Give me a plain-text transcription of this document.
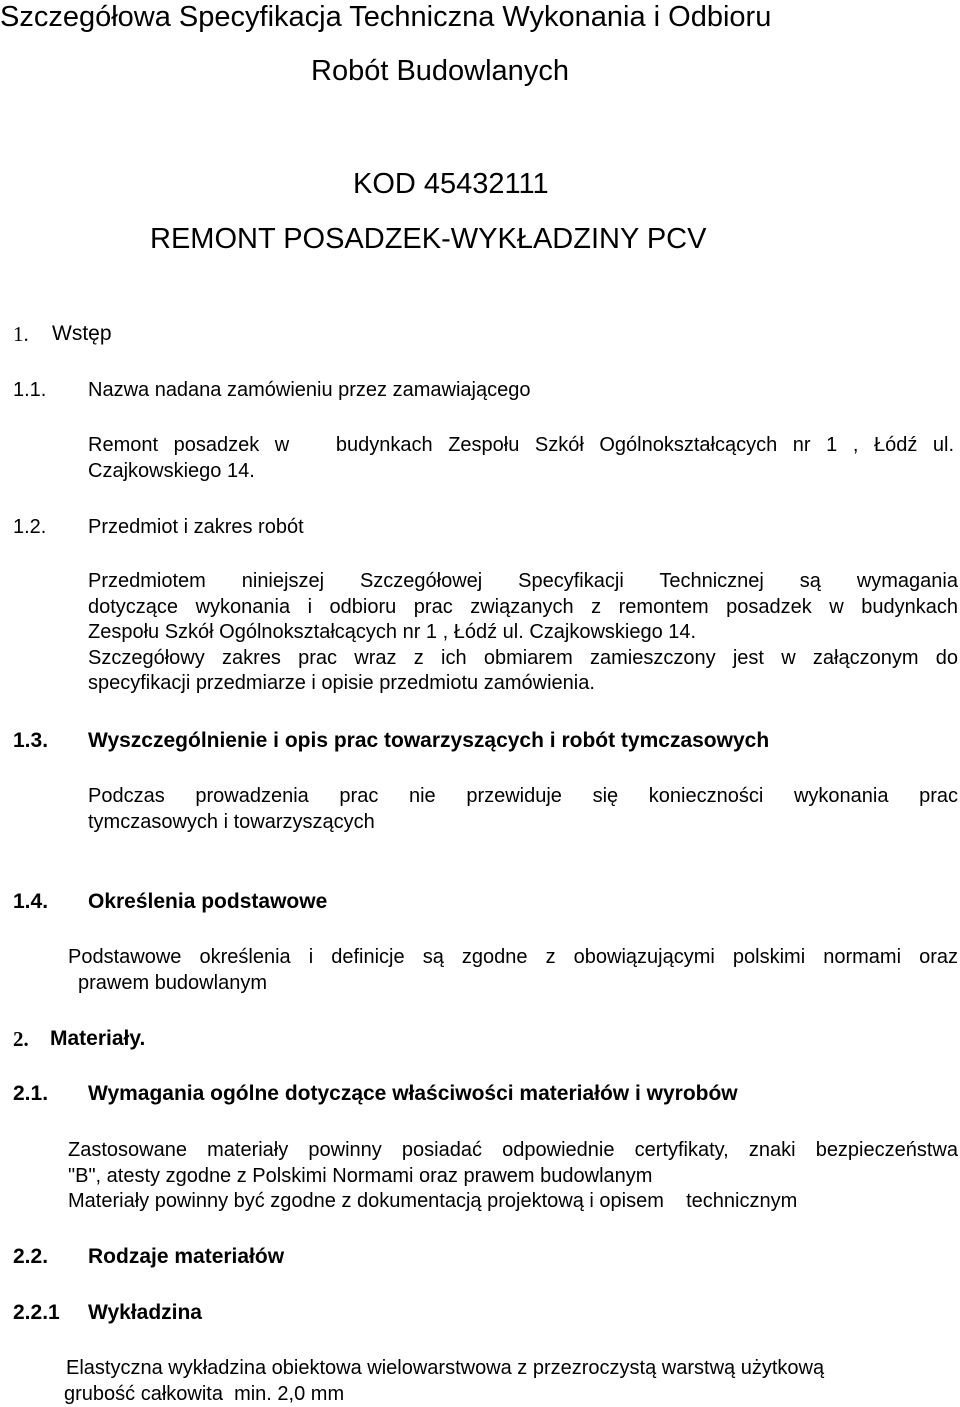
Szczegółowa Specyfikacja Techniczna Wykonania i Odbioru
Robót Budowlanych
KOD 45432111
REMONT POSADZEK-WYKŁADZINY PCV
1. Wstęp
1.1. Nazwa nadana zamówieniu przez zamawiającego
Remont posadzek w   budynkach Zespołu Szkół Ogólnokształcących nr 1 , Łódź ul.
Czajkowskiego 14.
1.2. Przedmiot i zakres robót
Przedmiotem niniejszej Szczegółowej Specyfikacji Technicznej są wymagania
dotyczące wykonania i odbioru prac związanych z remontem posadzek w budynkach
Zespołu Szkół Ogólnokształcących nr 1 , Łódź ul. Czajkowskiego 14.
Szczegółowy zakres prac wraz z ich obmiarem zamieszczony jest w załączonym do
specyfikacji przedmiarze i opisie przedmiotu zamówienia.
1.3. Wyszczególnienie i opis prac towarzyszących i robót tymczasowych
Podczas prowadzenia prac nie przewiduje się konieczności wykonania prac
tymczasowych i towarzyszących
1.4. Określenia podstawowe
Podstawowe określenia i definicje są zgodne z obowiązującymi polskimi normami oraz
prawem budowlanym
2. Materiały.
2.1. Wymagania ogólne dotyczące właściwości materiałów i wyrobów
Zastosowane materiały powinny posiadać odpowiednie certyfikaty, znaki bezpieczeństwa
"B", atesty zgodne z Polskimi Normami oraz prawem budowlanym
Materiały powinny być zgodne z dokumentacją projektową i opisem    technicznym
2.2. Rodzaje materiałów
2.2.1 Wykładzina
Elastyczna wykładzina obiektowa wielowarstwowa z przezroczystą warstwą użytkową
grubość całkowita  min. 2,0 mm
